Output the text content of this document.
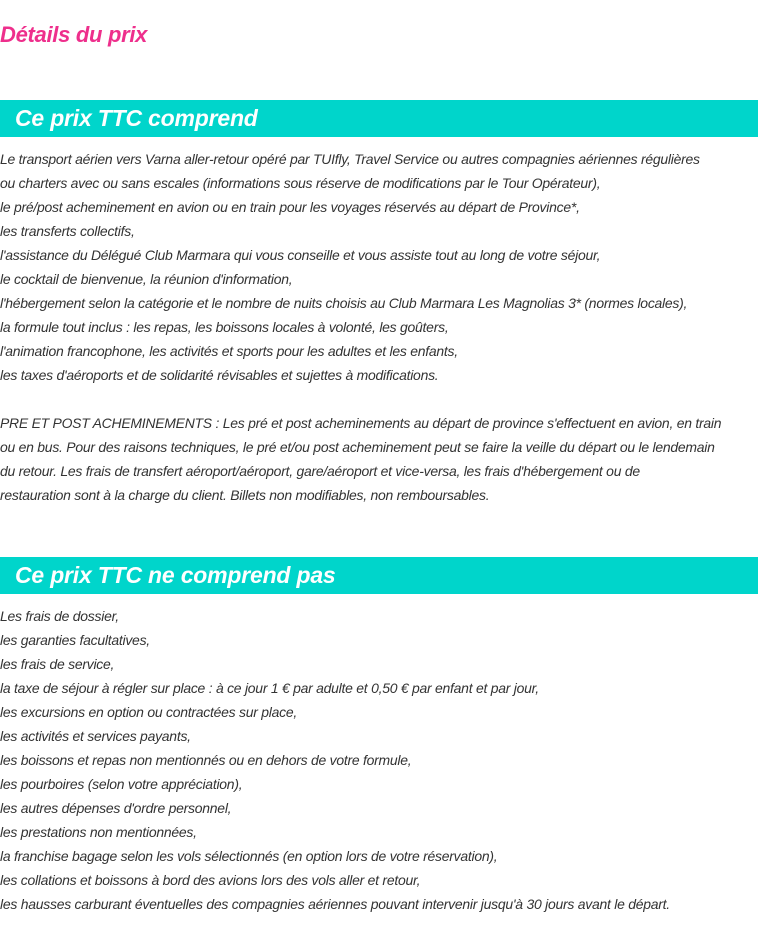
Détails du prix
Ce prix TTC comprend
Le transport aérien vers Varna aller-retour opéré par TUIfly, Travel Service ou autres compagnies aériennes régulières
ou charters avec ou sans escales (informations sous réserve de modifications par le Tour Opérateur),
le pré/post acheminement en avion ou en train pour les voyages réservés au départ de Province*,
les transferts collectifs,
l'assistance du Délégué Club Marmara qui vous conseille et vous assiste tout au long de votre séjour,
le cocktail de bienvenue, la réunion d'information,
l'hébergement selon la catégorie et le nombre de nuits choisis au Club Marmara Les Magnolias 3* (normes locales),
la formule tout inclus : les repas, les boissons locales à volonté, les goûters,
l'animation francophone, les activités et sports pour les adultes et les enfants,
les taxes d'aéroports et de solidarité révisables et sujettes à modifications.
PRE ET POST ACHEMINEMENTS : Les pré et post acheminements au départ de province s'effectuent en avion, en train
ou en bus. Pour des raisons techniques, le pré et/ou post acheminement peut se faire la veille du départ ou le lendemain
du retour. Les frais de transfert aéroport/aéroport, gare/aéroport et vice-versa, les frais d'hébergement ou de
restauration sont à la charge du client. Billets non modifiables, non remboursables.
Ce prix TTC ne comprend pas
Les frais de dossier,
les garanties facultatives,
les frais de service,
la taxe de séjour à régler sur place : à ce jour 1 € par adulte et 0,50 € par enfant et par jour,
les excursions en option ou contractées sur place,
les activités et services payants,
les boissons et repas non mentionnés ou en dehors de votre formule,
les pourboires (selon votre appréciation),
les autres dépenses d'ordre personnel,
les prestations non mentionnées,
la franchise bagage selon les vols sélectionnés (en option lors de votre réservation),
les collations et boissons à bord des avions lors des vols aller et retour,
les hausses carburant éventuelles des compagnies aériennes pouvant intervenir jusqu'à 30 jours avant le départ.
